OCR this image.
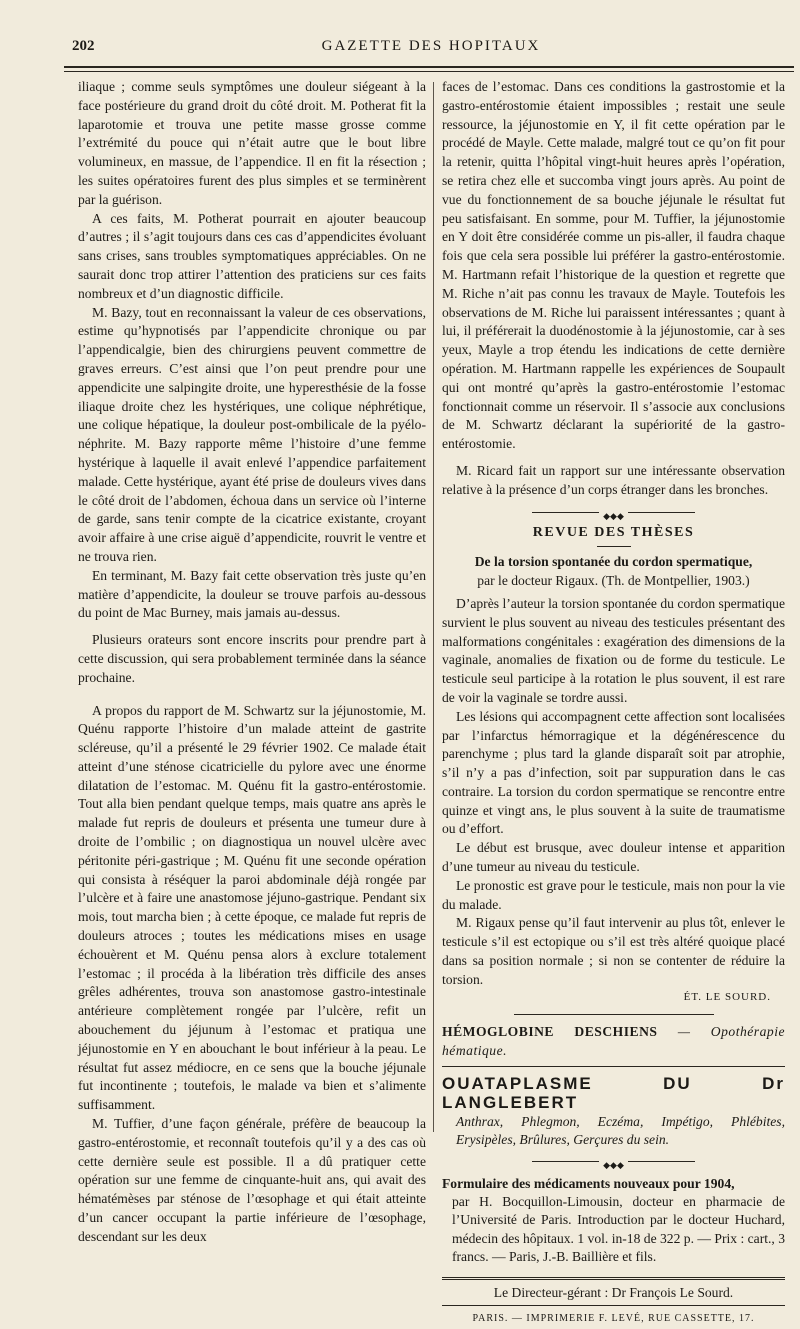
202	GAZETTE DES HOPITAUX

iliaque ; comme seuls symptômes une douleur siégeant à la face postérieure du grand droit du côté droit. M. Potherat fit la laparotomie et trouva une petite masse grosse comme l’extrémité du pouce qui n’était autre que le bout libre volumineux, en massue, de l’appendice. Il en fit la résection ; les suites opératoires furent des plus simples et se terminèrent par la guérison.

A ces faits, M. Potherat pourrait en ajouter beaucoup d’autres ; il s’agit toujours dans ces cas d’appendicites évoluant sans crises, sans troubles symptomatiques appréciables. On ne saurait donc trop attirer l’attention des praticiens sur ces faits nombreux et d’un diagnostic difficile.

M. Bazy, tout en reconnaissant la valeur de ces observations, estime qu’hypnotisés par l’appendicite chronique ou par l’appendicalgie, bien des chirurgiens peuvent commettre de graves erreurs. C’est ainsi que l’on peut prendre pour une appendicite une salpingite droite, une hyperesthésie de la fosse iliaque droite chez les hystériques, une colique néphrétique, une colique hépatique, la douleur post-ombilicale de la pyélo-néphrite. M. Bazy rapporte même l’histoire d’une femme hystérique à laquelle il avait enlevé l’appendice parfaitement malade. Cette hystérique, ayant été prise de douleurs vives dans le côté droit de l’abdomen, échoua dans un service où l’interne de garde, sans tenir compte de la cicatrice existante, croyant avoir affaire à une crise aiguë d’appendicite, rouvrit le ventre et ne trouva rien.

En terminant, M. Bazy fait cette observation très juste qu’en matière d’appendicite, la douleur se trouve parfois au-dessous du point de Mac Burney, mais jamais au-dessus.

Plusieurs orateurs sont encore inscrits pour prendre part à cette discussion, qui sera probablement terminée dans la séance prochaine.

A propos du rapport de M. Schwartz sur la jéjunostomie, M. Quénu rapporte l’histoire d’un malade atteint de gastrite scléreuse, qu’il a présenté le 29 février 1902. Ce malade était atteint d’une sténose cicatricielle du pylore avec une énorme dilatation de l’estomac. M. Quénu fit la gastro-entérostomie. Tout alla bien pendant quelque temps, mais quatre ans après le malade fut repris de douleurs et présenta une tumeur dure à droite de l’ombilic ; on diagnostiqua un nouvel ulcère avec péritonite péri-gastrique ; M. Quénu fit une seconde opération qui consista à réséquer la paroi abdominale déjà rongée par l’ulcère et à faire une anastomose jéjuno-gastrique. Pendant six mois, tout marcha bien ; à cette époque, ce malade fut repris de douleurs atroces ; toutes les médications mises en usage échouèrent et M. Quénu pensa alors à exclure totalement l’estomac ; il procéda à la libération très difficile des anses grêles adhérentes, trouva son anastomose gastro-intestinale antérieure complètement rongée par l’ulcère, refit un abouchement du jéjunum à l’estomac et pratiqua une jéjunostomie en Y en abouchant le bout inférieur à la peau. Le résultat fut assez médiocre, en ce sens que la bouche jéjunale fut incontinente ; toutefois, le malade va bien et s’alimente suffisamment.

M. Tuffier, d’une façon générale, préfère de beaucoup la gastro-entérostomie, et reconnaît toutefois qu’il y a des cas où cette dernière seule est possible. Il a dû pratiquer cette opération sur une femme de cinquante-huit ans, qui avait des hématémèses par sténose de l’œsophage et qui était atteinte d’un cancer occupant la partie inférieure de l’œsophage, descendant sur les deux

faces de l’estomac. Dans ces conditions la gastrostomie et la gastro-entérostomie étaient impossibles ; restait une seule ressource, la jéjunostomie en Y, il fit cette opération par le procédé de Mayle. Cette malade, malgré tout ce qu’on fit pour la retenir, quitta l’hôpital vingt-huit heures après l’opération, se retira chez elle et succomba vingt jours après. Au point de vue du fonctionnement de sa bouche jéjunale le résultat fut peu satisfaisant. En somme, pour M. Tuffier, la jéjunostomie en Y doit être considérée comme un pis-aller, il faudra chaque fois que cela sera possible lui préférer la gastro-entérostomie. M. Hartmann refait l’historique de la question et regrette que M. Riche n’ait pas connu les travaux de Mayle. Toutefois les observations de M. Riche lui paraissent intéressantes ; quant à lui, il préférerait la duodénostomie à la jéjunostomie, car à ses yeux, Mayle a trop étendu les indications de cette dernière opération. M. Hartmann rappelle les expériences de Soupault qui ont montré qu’après la gastro-entérostomie l’estomac fonctionnait comme un réservoir. Il s’associe aux conclusions de M. Schwartz déclarant la supériorité de la gastro-entérostomie.

M. Ricard fait un rapport sur une intéressante observation relative à la présence d’un corps étranger dans les bronches.

◆◆◆
REVUE DES THÈSES
De la torsion spontanée du cordon spermatique,
par le docteur Rigaux. (Th. de Montpellier, 1903.)

D’après l’auteur la torsion spontanée du cordon spermatique survient le plus souvent au niveau des testicules présentant des malformations congénitales : exagération des dimensions de la vaginale, anomalies de fixation ou de forme du testicule. Le testicule seul participe à la rotation le plus souvent, il est rare de voir la vaginale se tordre aussi.

Les lésions qui accompagnent cette affection sont localisées par l’infarctus hémorragique et la dégénérescence du parenchyme ; plus tard la glande disparaît soit par atrophie, s’il n’y a pas d’infection, soit par suppuration dans le cas contraire. La torsion du cordon spermatique se rencontre entre quinze et vingt ans, le plus souvent à la suite de traumatisme ou d’effort.

Le début est brusque, avec douleur intense et apparition d’une tumeur au niveau du testicule.

Le pronostic est grave pour le testicule, mais non pour la vie du malade.

M. Rigaux pense qu’il faut intervenir au plus tôt, enlever le testicule s’il est ectopique ou s’il est très altéré quoique placé dans sa position normale ; si non se contenter de réduire la torsion.

ÉT. LE SOURD.
HÉMOGLOBINE DESCHIENS — Opothérapie hématique.
OUATAPLASME DU Dr LANGLEBERT
Anthrax, Phlegmon, Eczéma, Impétigo, Phlébites, Erysipèles, Brûlures, Gerçures du sein.
◆◆◆
Formulaire des médicaments nouveaux pour 1904,
par H. Bocquillon-Limousin, docteur en pharmacie de l’Université de Paris. Introduction par le docteur Huchard, médecin des hôpitaux. 1 vol. in-18 de 322 p. — Prix : cart., 3 francs. — Paris, J.-B. Baillière et fils.
Le Directeur-gérant : Dr François Le Sourd.
PARIS. — IMPRIMERIE F. LEVÉ, RUE CASSETTE, 17.
